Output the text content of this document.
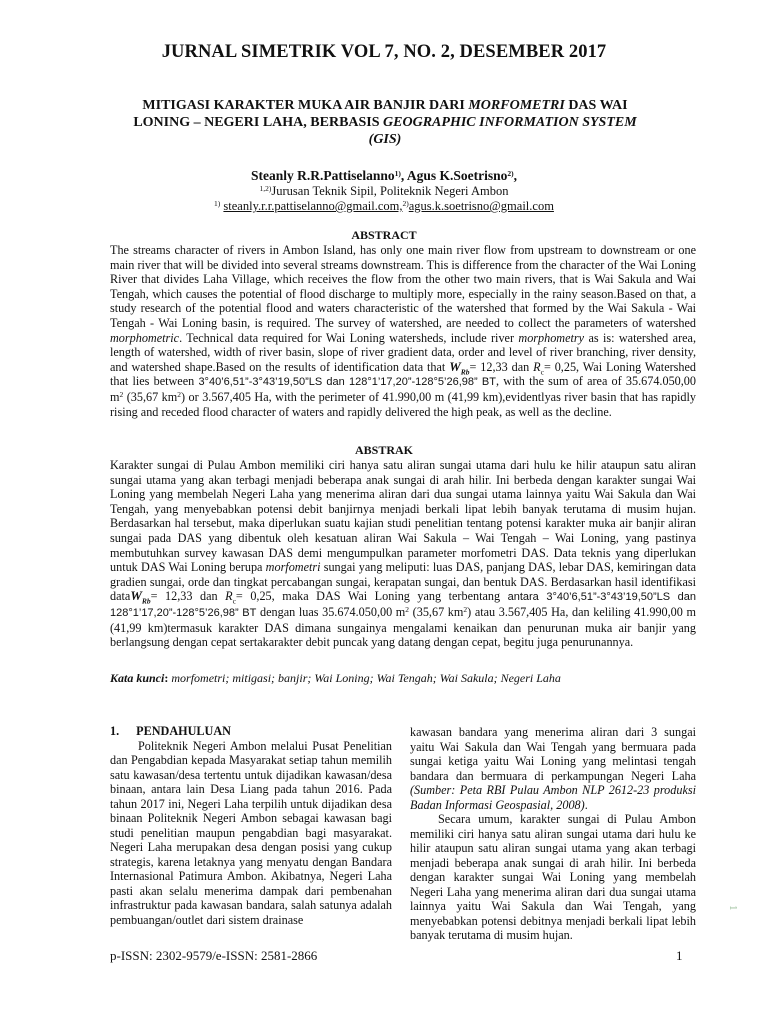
JURNAL SIMETRIK VOL 7, NO. 2, DESEMBER 2017
MITIGASI KARAKTER MUKA AIR BANJIR DARI MORFOMETRI DAS WAI
LONING – NEGERI LAHA, BERBASIS GEOGRAPHIC INFORMATION SYSTEM
(GIS)
Steanly R.R.Pattiselanno$^{1)}$, Agus K.Soetrisno$^{2)}$,
$^{1,2)}$Jurusan Teknik Sipil, Politeknik Negeri Ambon
$^{1)}$ steanly.r.r.pattiselanno@gmail.com,$^{2)}$agus.k.soetrisno@gmail.com
ABSTRACT
The streams character of rivers in Ambon Island, has only one main river flow from upstream to downstream or one main river that will be divided into several streams downstream. This is difference from the character of the Wai Loning River that divides Laha Village, which receives the flow from the other two main rivers, that is Wai Sakula and Wai Tengah, which causes the potential of flood discharge to multiply more, especially in the rainy season.Based on that, a study research of the potential flood and waters characteristic of the watershed that formed by the Wai Sakula - Wai Tengah - Wai Loning basin, is required. The survey of watershed, are needed to collect the parameters of watershed morphometric. Technical data required for Wai Loning watersheds, include river morphometry as is: watershed area, length of watershed, width of river basin, slope of river gradient data, order and level of river branching, river density, and watershed shape.Based on the results of identification data that $W_{Rb}= 12,33$ dan $R_c= 0,25$, Wai Loning Watershed that lies between 3°40’6,51”-3°43’19,50”LS dan 128°1’17,20”-128°5’26,98” BT, with the sum of area of 35.674.050,00 $m^2$ (35,67 $km^2$) or 3.567,405 Ha, with the perimeter of 41.990,00 m (41,99 km),evidentlyas river basin that has rapidly rising and receded flood character of waters and rapidly delivered the high peak, as well as the decline.
ABSTRAK
Karakter sungai di Pulau Ambon memiliki ciri hanya satu aliran sungai utama dari hulu ke hilir ataupun satu aliran sungai utama yang akan terbagi menjadi beberapa anak sungai di arah hilir. Ini berbeda dengan karakter sungai Wai Loning yang membelah Negeri Laha yang menerima aliran dari dua sungai utama lainnya yaitu Wai Sakula dan Wai Tengah, yang menyebabkan potensi debit banjirnya menjadi berkali lipat lebih banyak terutama di musim hujan. Berdasarkan hal tersebut, maka diperlukan suatu kajian studi penelitian tentang potensi karakter muka air banjir aliran sungai pada DAS yang dibentuk oleh kesatuan aliran Wai Sakula – Wai Tengah – Wai Loning, yang pastinya membutuhkan survey kawasan DAS demi mengumpulkan parameter morfometri DAS. Data teknis yang diperlukan untuk DAS Wai Loning berupa morfometri sungai yang meliputi: luas DAS, panjang DAS, lebar DAS, kemiringan data gradien sungai, orde dan tingkat percabangan sungai, kerapatan sungai, dan bentuk DAS. Berdasarkan hasil identifikasi dataW$_{Rb}$= 12,33 dan $R_c= 0,25$, maka DAS Wai Loning yang terbentang antara 3°40’6,51”-3°43’19,50”LS dan 128°1’17,20”-128°5’26,98” BT dengan luas 35.674.050,00 $m^2$ (35,67 $km^2$) atau 3.567,405 Ha, dan keliling 41.990,00 m (41,99 km)termasuk karakter DAS dimana sungainya mengalami kenaikan dan penurunan muka air banjir yang berlangsung dengan cepat sertakarakter debit puncak yang datang dengan cepat, begitu juga penurunannya.
Kata kunci: morfometri; mitigasi; banjir; Wai Loning; Wai Tengah; Wai Sakula; Negeri Laha
1. PENDAHULUAN
Politeknik Negeri Ambon melalui Pusat Penelitian dan Pengabdian kepada Masyarakat setiap tahun memilih satu kawasan/desa tertentu untuk dijadikan kawasan/desa binaan, antara lain Desa Liang pada tahun 2016. Pada tahun 2017 ini, Negeri Laha terpilih untuk dijadikan desa binaan Politeknik Negeri Ambon sebagai kawasan bagi studi penelitian maupun pengabdian bagi masyarakat. Negeri Laha merupakan desa dengan posisi yang cukup strategis, karena letaknya yang menyatu dengan Bandara Internasional Patimura Ambon. Akibatnya, Negeri Laha pasti akan selalu menerima dampak dari pembenahan infrastruktur pada kawasan bandara, salah satunya adalah pembuangan/outlet dari sistem drainase
kawasan bandara yang menerima aliran dari 3 sungai yaitu Wai Sakula dan Wai Tengah yang bermuara pada sungai ketiga yaitu Wai Loning yang melintasi tengah bandara dan bermuara di perkampungan Negeri Laha (Sumber: Peta RBI Pulau Ambon NLP 2612-23 produksi Badan Informasi Geospasial, 2008).
Secara umum, karakter sungai di Pulau Ambon memiliki ciri hanya satu aliran sungai utama dari hulu ke hilir ataupun satu aliran sungai utama yang akan terbagi menjadi beberapa anak sungai di arah hilir. Ini berbeda dengan karakter sungai Wai Loning yang membelah Negeri Laha yang menerima aliran dari dua sungai utama lainnya yaitu Wai Sakula dan Wai Tengah, yang menyebabkan potensi debitnya menjadi berkali lipat lebih banyak terutama di musim hujan.
1
p-ISSN: 2302-9579/e-ISSN: 2581-2866	1
